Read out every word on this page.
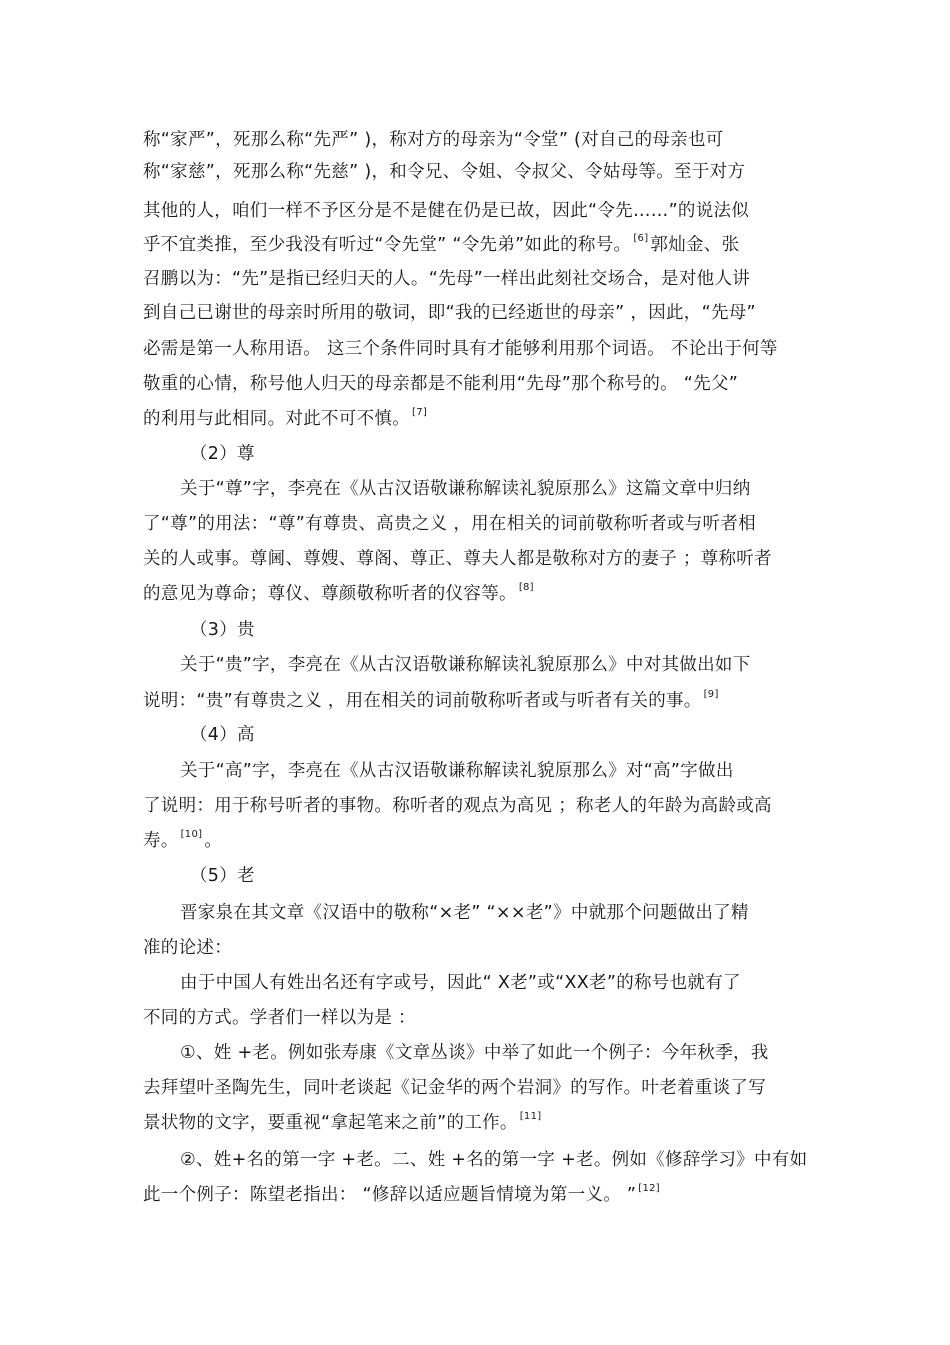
称“家严”，死那么称“先严” )，称对方的母亲为“令堂” (对自己的母亲也可
称“家慈”，死那么称“先慈” )，和令兄、令姐、令叔父、令姑母等。至于对方
其他的人，咱们一样不予区分是不是健在仍是已故，因此“令先……”的说法似
乎不宜类推，至少我没有听过“令先堂” “令先弟”如此的称号。 [6] 郭灿金、张
召鹏以为：“先”是指已经归天的人。“先母”一样出此刻社交场合，是对他人讲
到自己已谢世的母亲时所用的敬词，即“我的已经逝世的母亲” ，因此，“先母”
必需是第一人称用语。 这三个条件同时具有才能够利用那个词语。 不论出于何等
敬重的心情，称号他人归天的母亲都是不能利用“先母”那个称号的。 “先父”
的利用与此相同。对此不可不慎。 [7]
（2）尊
关于“尊”字，李亮在《从古汉语敬谦称解读礼貌原那么》这篇文章中归纳
了“尊”的用法：“尊”有尊贵、高贵之义 ，用在相关的词前敬称听者或与听者相
关的人或事。尊阃、尊嫂、尊阁、尊正、尊夫人都是敬称对方的妻子 ；尊称听者
的意见为尊命；尊仪、尊颜敬称听者的仪容等。 [8]
（3）贵
关于“贵”字，李亮在《从古汉语敬谦称解读礼貌原那么》中对其做出如下
说明：“贵”有尊贵之义 ，用在相关的词前敬称听者或与听者有关的事。 [9]
（4）高
关于“高”字，李亮在《从古汉语敬谦称解读礼貌原那么》对“高”字做出
了说明：用于称号听者的事物。称听者的观点为高见 ；称老人的年龄为高龄或高
寿。 [10] 。
（5）老
晋家泉在其文章《汉语中的敬称“×老” “××老”》中就那个问题做出了精
准的论述：
由于中国人有姓出名还有字或号，因此“ X老”或“XX老”的称号也就有了
不同的方式。学者们一样以为是 ：
①、姓 +老。例如张寿康《文章丛谈》中举了如此一个例子：今年秋季，我
去拜望叶圣陶先生，同叶老谈起《记金华的两个岩洞》的写作。叶老着重谈了写
景状物的文字，要重视“拿起笔来之前”的工作。 [11]
②、姓+名的第一字 +老。二、姓 +名的第一字 +老。例如《修辞学习》中有如
此一个例子：陈望老指出： “修辞以适应题旨情境为第一义。 ” [12]
